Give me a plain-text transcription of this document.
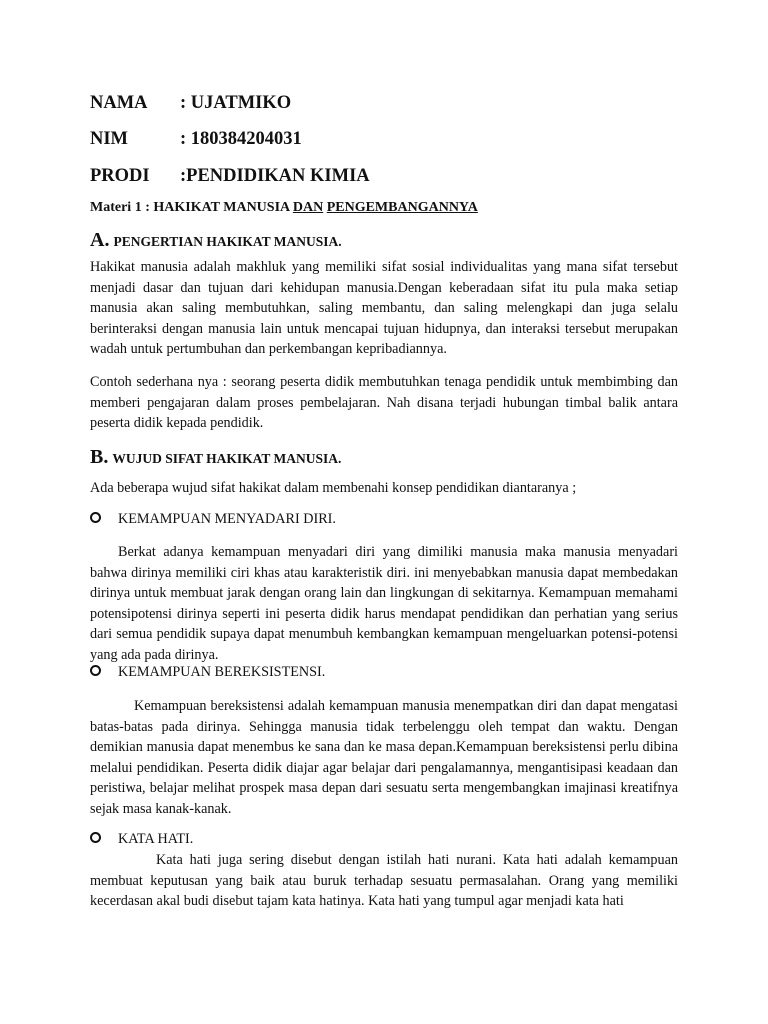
NAMA : UJATMIKO
NIM	: 180384204031
PRODI :PENDIDIKAN KIMIA
Materi 1 : HAKIKAT MANUSIA DAN PENGEMBANGANNYA
A. PENGERTIAN HAKIKAT MANUSIA.
Hakikat manusia adalah makhluk yang memiliki sifat sosial individualitas yang mana sifat tersebut menjadi dasar dan tujuan dari kehidupan manusia.Dengan keberadaan sifat itu pula maka setiap manusia akan saling membutuhkan, saling membantu, dan saling melengkapi dan juga selalu berinteraksi dengan manusia lain untuk mencapai tujuan hidupnya, dan interaksi tersebut merupakan wadah untuk pertumbuhan dan perkembangan kepribadiannya.
Contoh sederhana nya : seorang peserta didik membutuhkan tenaga pendidik untuk membimbing dan memberi pengajaran dalam proses pembelajaran. Nah disana terjadi hubungan timbal balik antara peserta didik kepada pendidik.
B. WUJUD SIFAT HAKIKAT MANUSIA.
Ada beberapa wujud sifat hakikat dalam membenahi konsep pendidikan diantaranya ;
KEMAMPUAN MENYADARI DIRI.
Berkat adanya kemampuan menyadari diri yang dimiliki manusia maka manusia menyadari bahwa dirinya memiliki ciri khas atau karakteristik diri. ini menyebabkan manusia dapat membedakan dirinya untuk membuat jarak dengan orang lain dan lingkungan di sekitarnya. Kemampuan memahami potensipotensi dirinya seperti ini peserta didik harus mendapat pendidikan dan perhatian yang serius dari semua pendidik supaya dapat menumbuh kembangkan kemampuan mengeluarkan potensi-potensi yang ada pada dirinya.
KEMAMPUAN BEREKSISTENSI.
Kemampuan bereksistensi adalah kemampuan manusia menempatkan diri dan dapat mengatasi batas-batas pada dirinya. Sehingga manusia tidak terbelenggu oleh tempat dan waktu. Dengan demikian manusia dapat menembus ke sana dan ke masa depan.Kemampuan bereksistensi perlu dibina melalui pendidikan. Peserta didik diajar agar belajar dari pengalamannya, mengantisipasi keadaan dan peristiwa, belajar melihat prospek masa depan dari sesuatu serta mengembangkan imajinasi kreatifnya sejak masa kanak-kanak.
KATA HATI.
Kata hati juga sering disebut dengan istilah hati nurani. Kata hati adalah kemampuan membuat keputusan yang baik atau buruk terhadap sesuatu permasalahan. Orang yang memiliki kecerdasan akal budi disebut tajam kata hatinya. Kata hati yang tumpul agar menjadi kata hati
